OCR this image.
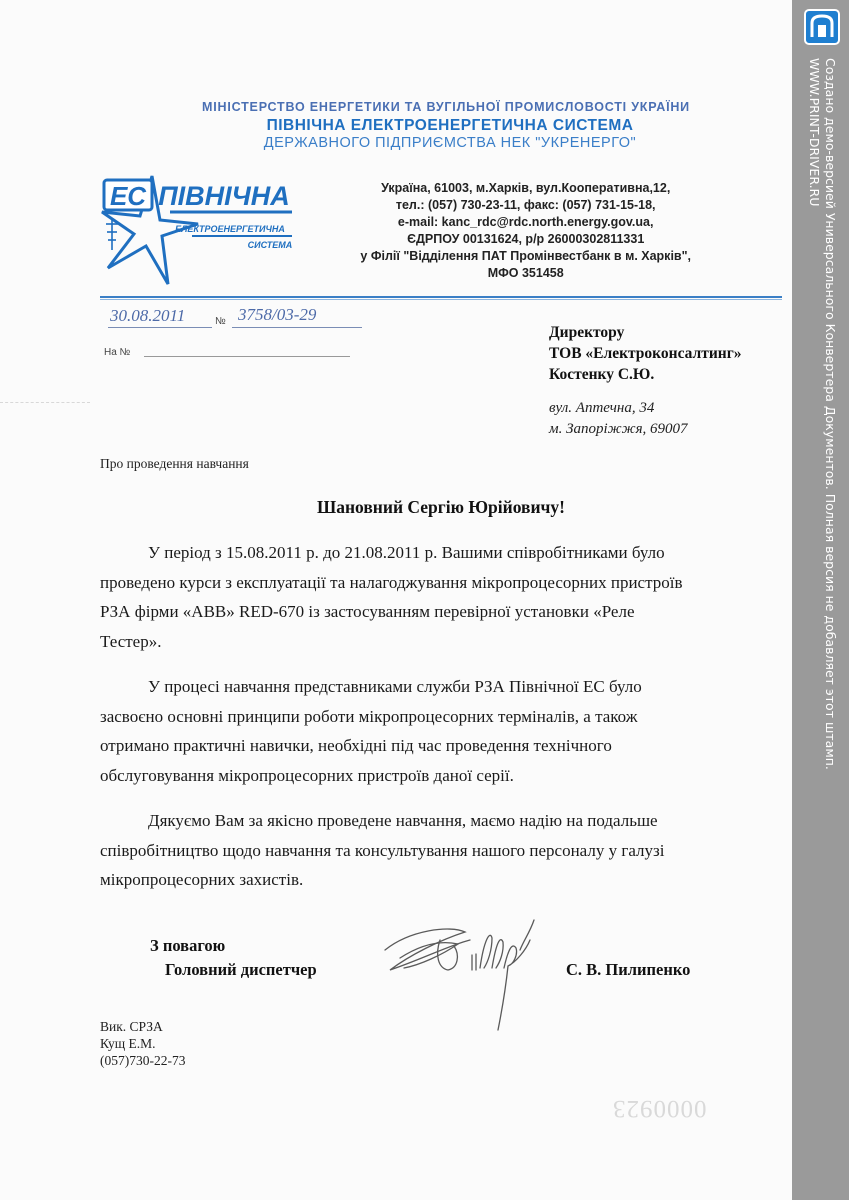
МІНІСТЕРСТВО ЕНЕРГЕТИКИ ТА ВУГІЛЬНОЇ ПРОМИСЛОВОСТІ УКРАЇНИ
ПІВНІЧНА ЕЛЕКТРОЕНЕРГЕТИЧНА СИСТЕМА
ДЕРЖАВНОГО ПІДПРИЄМСТВА НЕК "УКРЕНЕРГО"
ЕС ПІВНІЧНА
ЕЛЕКТРОЕНЕРГЕТИЧНА
СИСТЕМА
Україна, 61003, м.Харків, вул.Кооперативна,12,
тел.: (057) 730-23-11, факс: (057) 731-15-18,
e-mail: kanc_rdc@rdc.north.energy.gov.ua,
ЄДРПОУ 00131624, р/р 26000302811331
у Філії "Відділення ПАТ Промінвестбанк в м. Харків",
МФО 351458
30.08.2011	№ 3758/03-29
На №
Директору
ТОВ «Електроконсалтинг»
Костенку С.Ю.
вул. Аптечна, 34
м. Запоріжжя, 69007
Про проведення навчання
Шановний Сергію Юрійовичу!

У період з 15.08.2011 р. до 21.08.2011 р. Вашими співробітниками було

проведено курси з експлуатації та налагоджування мікропроцесорних пристроїв

РЗА фірми «ABB» RED-670 із застосуванням перевірної установки «Реле

Тестер».

У процесі навчання представниками служби РЗА Північної ЕС було

засвоєно основні принципи роботи мікропроцесорних терміналів, а також

отримано практичні навички, необхідні під час проведення технічного

обслуговування мікропроцесорних пристроїв даної серії.

Дякуємо Вам за якісно проведене навчання, маємо надію на подальше

співробітництво щодо навчання та консультування нашого персоналу у галузі

мікропроцесорних захистів.

З повагою
Головний диспетчер	С. В. Пилипенко
Вик. СРЗА
Кущ Е.М.
(057)730-22-73
0000923
Создано демо-версией Универсального Конвертера Документов. Полная версия не добавляет этот штамп.
WWW.PRINT-DRIVER.RU
